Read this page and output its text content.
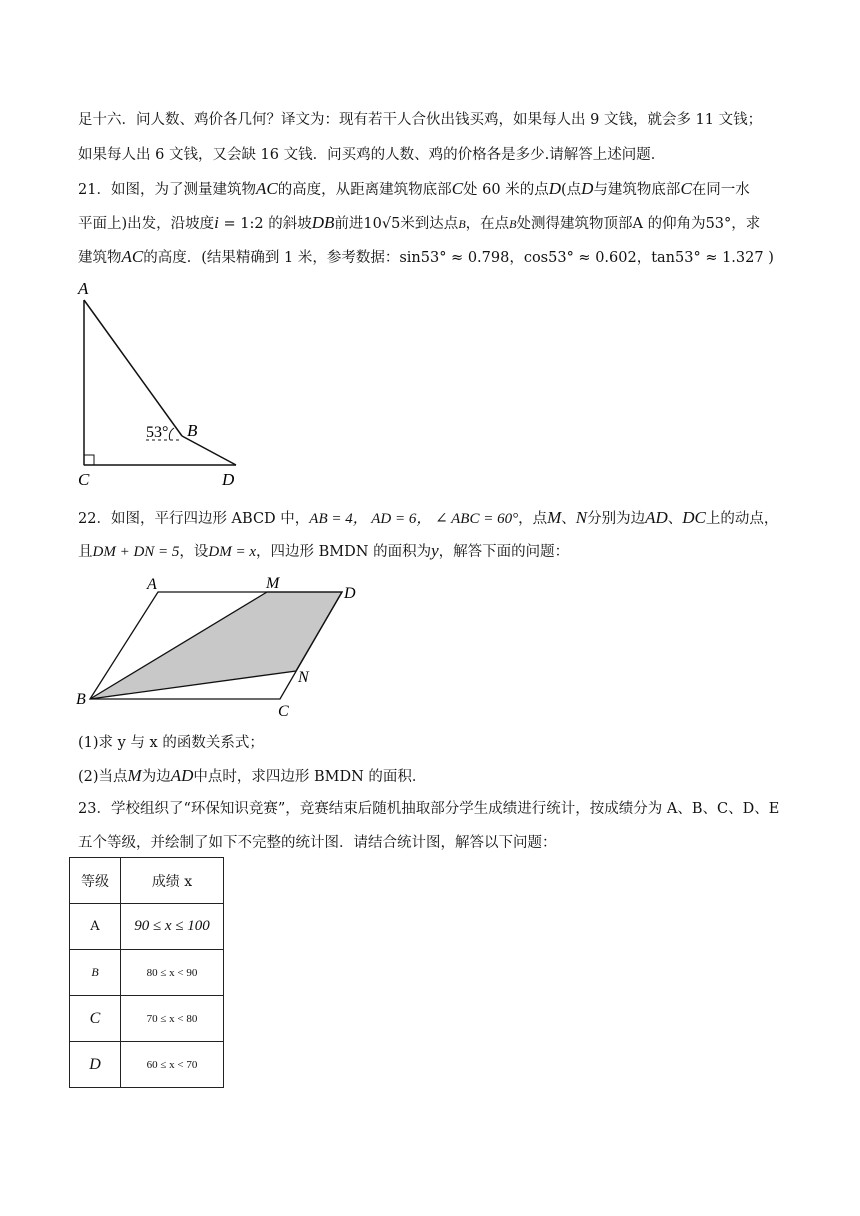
足十六．问人数、鸡价各几何？译文为：现有若干人合伙出钱买鸡，如果每人出 9 文钱，就会多 11 文钱；
如果每人出 6 文钱，又会缺 16 文钱．问买鸡的人数、鸡的价格各是多少.请解答上述问题．
21．如图，为了测量建筑物AC的高度，从距离建筑物底部C处 60 米的点D(点D与建筑物底部C在同一水
平面上)出发，沿坡度i = 1:2 的斜坡DB前进10√5米到达点B，在点B处测得建筑物顶部A 的仰角为53°，求
建筑物AC的高度．(结果精确到 1 米，参考数据：sin53° ≈ 0.798，cos53° ≈ 0.602，tan53° ≈ 1.327 )
A
B
C	D
53°
22．如图，平行四边形 ABCD 中，AB = 4， AD = 6， ∠ ABC = 60°，点M、N分别为边AD、DC上的动点，
且DM + DN = 5，设DM = x，四边形 BMDN 的面积为y，解答下面的问题：
A	M
D
B
N
C
(1)求 y 与 x 的函数关系式；
(2)当点M为边AD中点时，求四边形 BMDN 的面积．
23．学校组织了“环保知识竞赛”，竞赛结束后随机抽取部分学生成绩进行统计，按成绩分为 A、B、C、D、E
五个等级，并绘制了如下不完整的统计图．请结合统计图，解答以下问题：
等级	成绩 x
A	90 ≤ x ≤ 100
B	80 ≤ x < 90
C	70 ≤ x < 80
D	60 ≤ x < 70
